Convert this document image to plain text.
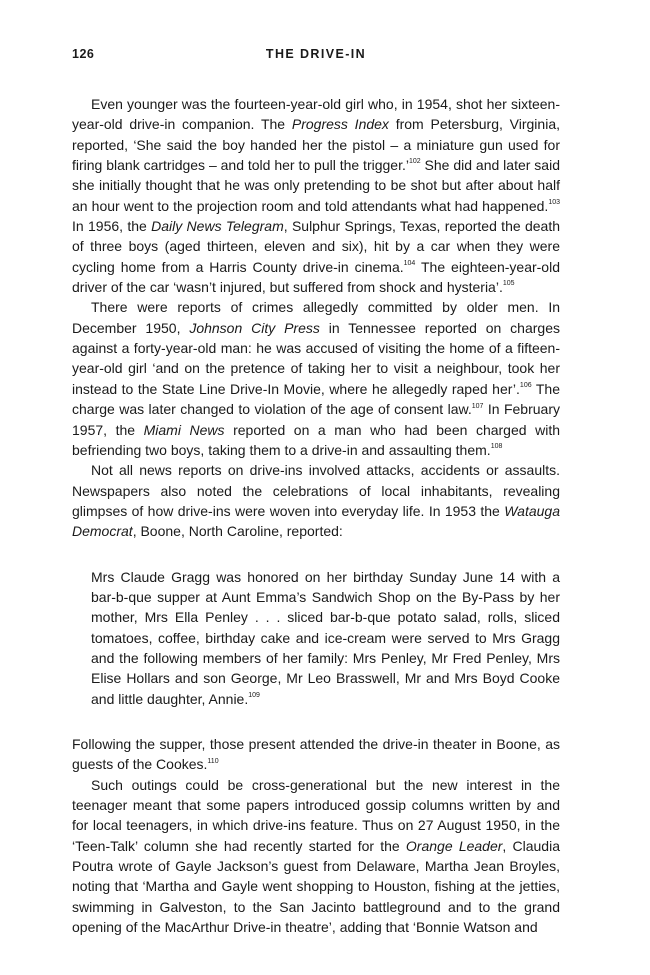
126	THE DRIVE-IN

Even younger was the fourteen-year-old girl who, in 1954, shot her sixteen-year-old drive-in companion. The Progress Index from Petersburg, Virginia, reported, ‘She said the boy handed her the pistol – a miniature gun used for firing blank cartridges – and told her to pull the trigger.’$^{102}$ She did and later said she initially thought that he was only pretending to be shot but after about half an hour went to the projection room and told attendants what had happened.$^{103}$ In 1956, the Daily News Telegram, Sulphur Springs, Texas, reported the death of three boys (aged thirteen, eleven and six), hit by a car when they were cycling home from a Harris County drive-in cinema.$^{104}$ The eighteen-year-old driver of the car ‘wasn’t injured, but suffered from shock and hysteria’.$^{105}$

There were reports of crimes allegedly committed by older men. In December 1950, Johnson City Press in Tennessee reported on charges against a forty-year-old man: he was accused of visiting the home of a fifteen-year-old girl ‘and on the pretence of taking her to visit a neighbour, took her instead to the State Line Drive-In Movie, where he allegedly raped her’.$^{106}$ The charge was later changed to violation of the age of consent law.$^{107}$ In February 1957, the Miami News reported on a man who had been charged with befriending two boys, taking them to a drive-in and assaulting them.$^{108}$

Not all news reports on drive-ins involved attacks, accidents or assaults. Newspapers also noted the celebrations of local inhabitants, revealing glimpses of how drive-ins were woven into everyday life. In 1953 the Watauga Democrat, Boone, North Caroline, reported:

Mrs Claude Gragg was honored on her birthday Sunday June 14 with a bar-b-que supper at Aunt Emma’s Sandwich Shop on the By-Pass by her mother, Mrs Ella Penley . . . sliced bar-b-que potato salad, rolls, sliced tomatoes, coffee, birthday cake and ice-cream were served to Mrs Gragg and the following members of her family: Mrs Penley, Mr Fred Penley, Mrs Elise Hollars and son George, Mr Leo Brasswell, Mr and Mrs Boyd Cooke and little daughter, Annie.$^{109}$

Following the supper, those present attended the drive-in theater in Boone, as guests of the Cookes.$^{110}$

Such outings could be cross-generational but the new interest in the teenager meant that some papers introduced gossip columns written by and for local teenagers, in which drive-ins feature. Thus on 27 August 1950, in the ‘Teen-Talk’ column she had recently started for the Orange Leader, Claudia Poutra wrote of Gayle Jackson’s guest from Delaware, Martha Jean Broyles, noting that ‘Martha and Gayle went shopping to Houston, fishing at the jetties, swimming in Galveston, to the San Jacinto battleground and to the grand opening of the MacArthur Drive-in theatre’, adding that ‘Bonnie Watson and
